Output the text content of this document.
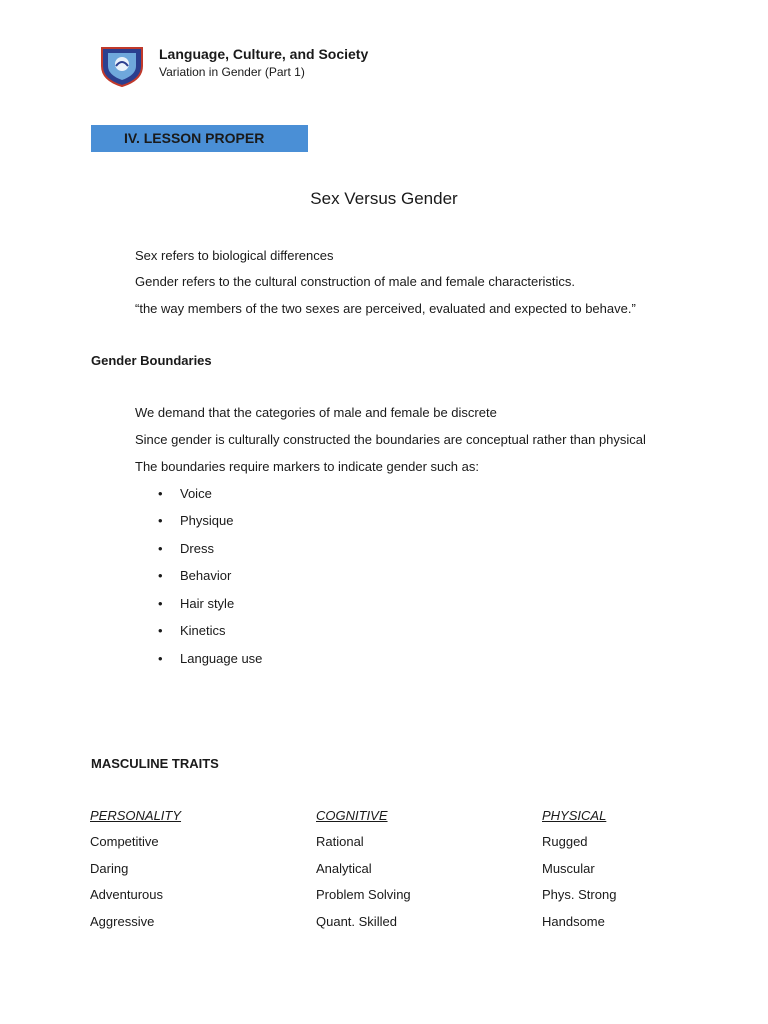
Language, Culture, and Society
Variation in Gender (Part 1)
IV. LESSON PROPER
Sex Versus Gender
Sex refers to biological differences
Gender refers to the cultural construction of male and female characteristics.
“the way members of the two sexes are perceived, evaluated and expected to behave.”
Gender Boundaries
We demand that the categories of male and female be discrete
Since gender is culturally constructed the boundaries are conceptual rather than physical
The boundaries require markers to indicate gender such as:
• Voice
• Physique
• Dress
• Behavior
• Hair style
• Kinetics
• Language use
MASCULINE TRAITS
PERSONALITY	COGNITIVE	PHYSICAL
Competitive
Daring
Adventurous
Aggressive
Rational
Analytical
Problem Solving
Quant. Skilled
Rugged
Muscular
Phys. Strong
Handsome
